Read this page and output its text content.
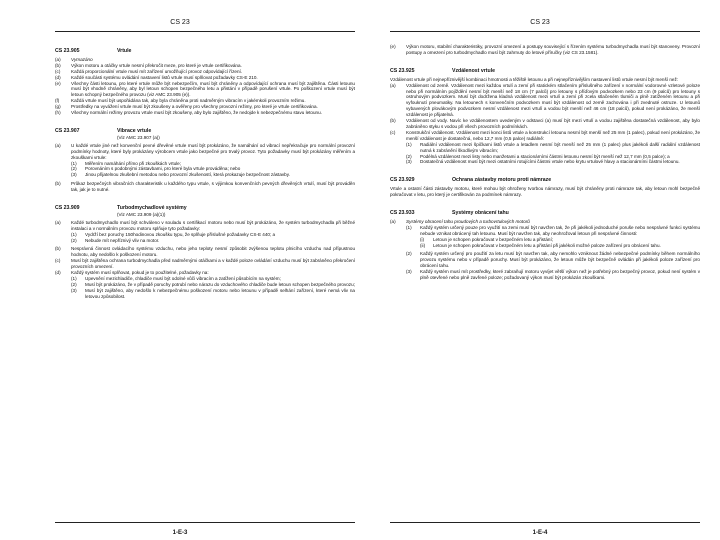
CS 23
CS 23.905	Vrtule
(a)	Vymazáno
(b)	Výkon motoru a otáčky vrtule nesmí překročit meze, pro které je vrtule certifikována.
(c)	Každá proporcionální vrtule musí mít zařízení umožňující provoz odpovídající řízení.
(d)	Každé součásti systému ovládání nastavení listů vrtule musí splňovat požadavky CS-E 210.
(e)	Všechny části letounu, pro které vrtule může být nebezpečím, musí být chráněny a odpovídající ochrana musí být zajištěna. Části letounu musí být vhodně chráněny, aby byl letoun schopen bezpečného letu a přistání v případě porušení vrtule. Po poškození vrtule musí být letoun schopný bezpečného provozu (viz AMC 23.905 (e)).
(f)	Každá vrtule musí být uspořádána tak, aby byla chráněna proti nadměrným vibracím v jakémkoli provozním režimu.
(g)	Prostředky na vyvážení vrtule musí být zkoušeny a ověřeny pro všechny provozní režimy, pro které je vrtule certifikována.
(h)	Všechny normální režimy provozu vrtule musí být zkoušeny, aby bylo zajištěno, že nedojde k nebezpečnému stavu letounu.
CS 23.907	Vibrace vrtule
(Viz AMC 23.907 (a))
(a)	U každé vrtule jiné než konvenční pevné dřevěné vrtule musí být prokázáno, že namáhání od vibrací nepřekračuje pro normální provozní podmínky hodnoty, které byly prokázány výrobcem vrtule jako bezpečné pro trvalý provoz. Tyto požadavky musí být prokázány měřením a zkouškami vrtule:
(1)	Měřením namáhání přímo při zkouškách vrtule;
(2)	Porovnáním s podobnými zástavbami, pro které byla vrtule prováděna; nebo
(3)	Jinou přijatelnou zkušební metodou nebo provozní zkušeností, která prokazuje bezpečnost zástavby.
(b)	Průkaz bezpečných vibračních charakteristik u každého typu vrtule, s výjimkou konvenčních pevných dřevěných vrtulí, musí být prováděn tak, jak je to nutné.
CS 23.909	Turbodmychadlové systémy
(Viz AMC 23.909 (a)(1))
(a)	Každé turbodmychadlo musí být schváleno v souladu s certifikací motoru nebo musí být prokázáno, že systém turbodmychadla při běžné instalaci a v normálním provozu motoru splňuje tyto požadavky:
(1)	Vydrží bez poruchy 150hodinovou zkoušku typu, že splňuje příslušné požadavky CS-E 440; a
(2)	Nebude mít nepříznivý vliv na motor.
(b)	Nesprávná činnost ovládacího systému vzduchu, nebo jeho teploty nesmí způsobit zvýšenou teplotu plnicího vzduchu nad přípustnou hodnotu, aby nedošlo k poškození motoru.
(c)	Musí být zajištěna ochrana turbodmychadla před nadměrnými otáčkami a v každé poloze ovládání vzduchu musí být zabráněno překročení provozních omezení.
(d)	Každý systém musí splňovat, pokud je to použitelné, požadavky na:
(1)	Upevnění mezichladiče, chladiče musí být odolné vůči vibracím a zatížení působícím na systém;
(2)	Musí být prokázáno, že v případě poruchy potrubí nebo nárazu do vzduchového chladiče bude letoun schopen bezpečného provozu;
(3)	Musí být zajištěno, aby nedošlo k nebezpečnému poškození motoru nebo letounu v případě selhání zařízení, které nemá vliv na letovou způsobilost.
1-E-3
CS 23
(e)	Výkon motoru, stabilní charakteristiky, provozní omezení a postupy související s řízením systému turbodmychadla musí být stanoveny. Provozní postupy a omezení pro turbodmychadlo musí být zahrnuty do letové příručky (viz CS 23.1581).
CS 23.925	Vzdálenost vrtule
Vzdálenost vrtule při nejnepříznivější kombinaci hmotnosti a těžiště letounu a při nejnepříznivějším nastavení listů vrtule nesmí být menší než:
(a)	Vzdálenost od země. Vzdálenost mezi každou vrtulí a zemí při statickém stlačením příslušného zařízení v normální vodorovné vzletové poloze nebo při normálním pojíždění nesmí být menší než 18 cm (7 palců) pro letouny s příďovým podvozkem nebo 23 cm (9 palců) pro letouny s ostruhovým podvozkem. Musí být dodržena kladná vzdálenost mezi vrtulí a zemí při zcela stlačeném tlumiči a plně zatíženém letounu a při vyfouknutí pneumatiky. Na letounech s konvenčním podvozkem musí být vzdálenost od země zachována i při zvednuté ostruze. U letounů vybavených plovákovým podvozkem nesmí vzdálenost mezi vrtulí a vodou být menší než 46 cm (18 palců), pokud není prokázáno, že menší vzdálenost je přijatelná.
(b)	Vzdálenost od vody. Navíc ke vzdálenostem uvedeným v odstavci (a) musí být mezi vrtulí a vodou zajištěna dostatečná vzdálenost, aby bylo zabráněno styku s vodou při všech provozních podmínkách.
(c)	Konstrukční vzdálenost. Vzdálenost mezi konci listů vrtule a konstrukcí letounu nesmí být menší než 25 mm (1 palec), pokud není prokázáno, že menší vzdálenost je dostatečná, nebo 12,7 mm (0,5 palce) radiálně:
(1)	Radiální vzdálenost mezi špičkami listů vrtule a letadlem nesmí být menší než 25 mm (1 palec) plus jakékoli další radiální vzdálenost nutná k zabránění škodlivým vibracím;
(2)	Podélná vzdálenost mezi listy nebo manžetami a stacionárními částmi letounu nesmí být menší než 12,7 mm (0,5 palce); a
(3)	Dostatečná vzdálenost musí být mezi ostatními rotujícími částmi vrtule nebo krytu vrtulové hlavy a stacionárními částmi letounu.
CS 23.929	Ochrana zástavby motoru proti námraze
Vrtule a ostatní části zástavby motoru, které mohou být ohroženy tvorbou námrazy, musí být chráněny proti námraze tak, aby letoun mohl bezpečně pokračovat v letu, pro který je certifikován za podmínek námrazy.
CS 23.933	Systémy obrácení tahu
(a)	Systémy obracení tahu proudových a turbovrtulových motorů
(1)	Každý systém určený pouze pro využití na zemi musí být navržen tak, že při jakékoli jednoduché poruše nebo nesprávné funkci systému nebude vznikat obrácený tah letounu. Musí být navržen tak, aby neohrožoval letoun při nesprávné činnosti:
(i)	Letoun je schopen pokračovat v bezpečném letu a přistání;
(ii)	Letoun je schopen pokračovat v bezpečném letu a přistání při jakékoli možné poloze zařízení pro obrácení tahu.
(2)	Každý systém určený pro použití za letu musí být navržen tak, aby nemohlo vzniknout žádné nebezpečné podmínky během normálního provozu systému nebo v případě poruchy. Musí být prokázáno, že letoun může být bezpečně ovládán při jakékoli poloze zařízení pro obrácení tahu.
(3)	Každý systém musí mít prostředky, které zabraňují motoru vyvíjet větší výkon než je potřebný pro bezpečný provoz, pokud není systém v plně otevřené nebo plně zavřené poloze; požadovaný výkon musí být prokázán zkouškami.
1-E-4
